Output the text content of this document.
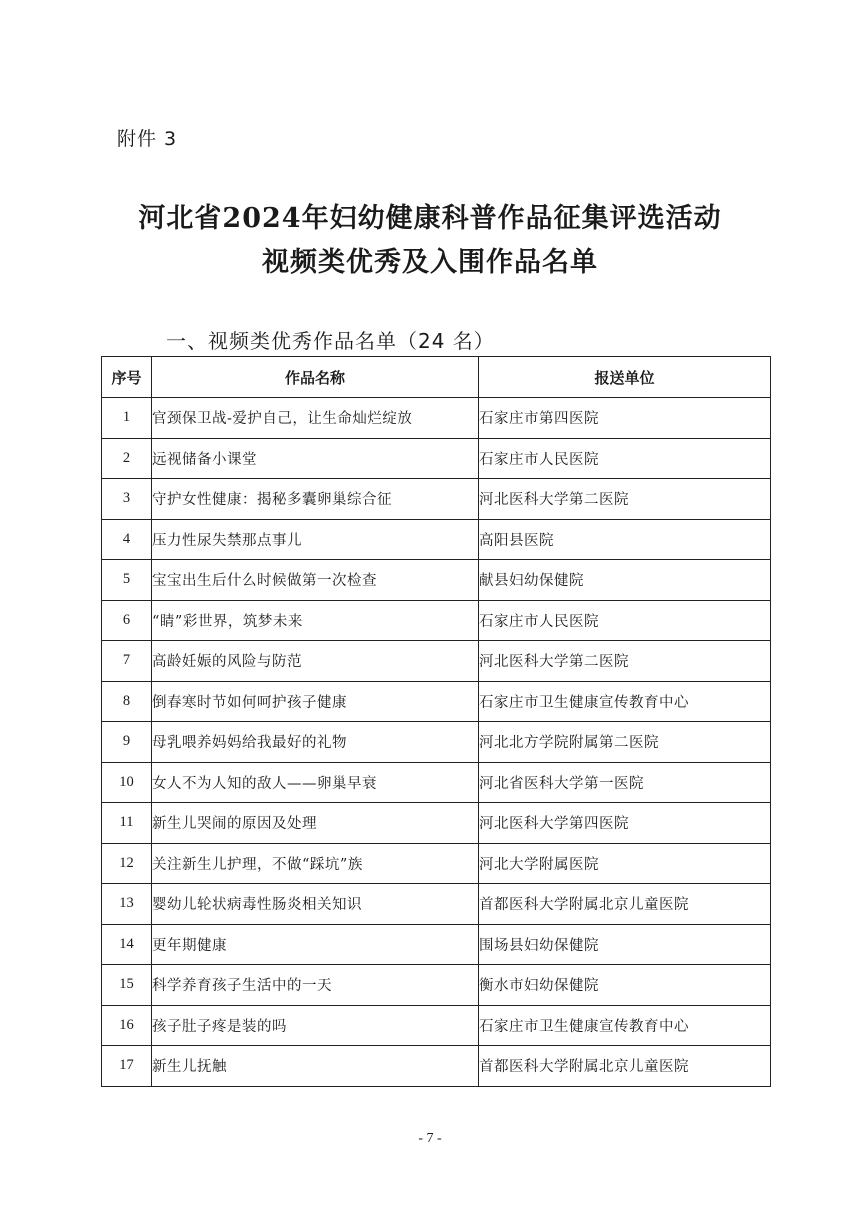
附件 3
河北省2024年妇幼健康科普作品征集评选活动
视频类优秀及入围作品名单
一、视频类优秀作品名单（24 名）
序号	作品名称	报送单位
1	官颈保卫战-爱护自己，让生命灿烂绽放	石家庄市第四医院
2	远视储备小课堂	石家庄市人民医院
3	守护女性健康：揭秘多囊卵巢综合征	河北医科大学第二医院
4	压力性尿失禁那点事儿	高阳县医院
5	宝宝出生后什么时候做第一次检查	献县妇幼保健院
6	“睛”彩世界，筑梦未来	石家庄市人民医院
7	高龄妊娠的风险与防范	河北医科大学第二医院
8	倒春寒时节如何呵护孩子健康	石家庄市卫生健康宣传教育中心
9	母乳喂养妈妈给我最好的礼物	河北北方学院附属第二医院
10	女人不为人知的敌人——卵巢早衰	河北省医科大学第一医院
11	新生儿哭闹的原因及处理	河北医科大学第四医院
12	关注新生儿护理，不做“踩坑”族	河北大学附属医院
13	婴幼儿轮状病毒性肠炎相关知识	首都医科大学附属北京儿童医院
14	更年期健康	围场县妇幼保健院
15	科学养育孩子生活中的一天	衡水市妇幼保健院
16	孩子肚子疼是装的吗	石家庄市卫生健康宣传教育中心
17	新生儿抚触	首都医科大学附属北京儿童医院
- 7 -
